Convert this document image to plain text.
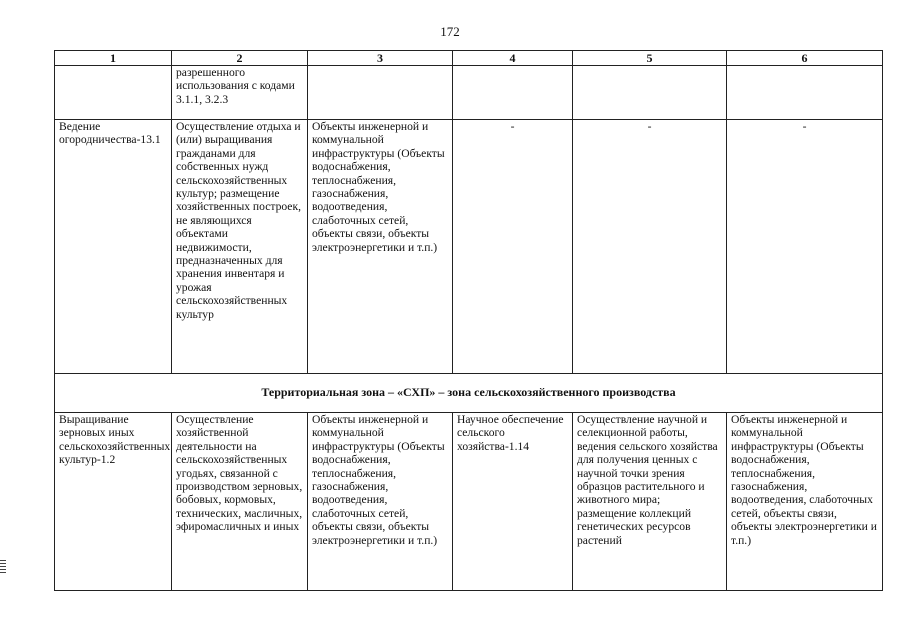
172
1	2	3	4	5	6
	разрешенного использования с кодами 3.1.1, 3.2.3				
Ведение огородничества-13.1	Осуществление отдыха и (или) выращивания гражданами для собственных нужд сельскохозяйственных культур; размещение хозяйственных построек, не являющихся объектами недвижимости, предназначенных для хранения инвентаря и урожая сельскохозяйственных культур	Объекты инженерной и коммунальной инфраструктуры (Объекты водоснабжения, теплоснабжения, газоснабжения, водоотведения, слаботочных сетей, объекты связи, объекты электроэнергетики и т.п.)	-	-	-
Территориальная зона – «СХП» – зона сельскохозяйственного производства					
Выращивание зерновых иных сельскохозяйственных культур-1.2	Осуществление хозяйственной деятельности на сельскохозяйственных угодьях, связанной с производством зерновых, бобовых, кормовых, технических, масличных, эфиромасличных и иных	Объекты инженерной и коммунальной инфраструктуры (Объекты водоснабжения, теплоснабжения, газоснабжения, водоотведения, слаботочных сетей, объекты связи, объекты электроэнергетики и т.п.)	Научное обеспечение сельского хозяйства-1.14	Осуществление научной и селекционной работы, ведения сельского хозяйства для получения ценных с научной точки зрения образцов растительного и животного мира; размещение коллекций генетических ресурсов растений	Объекты инженерной и коммунальной инфраструктуры (Объекты водоснабжения, теплоснабжения, газоснабжения, водоотведения, слаботочных сетей, объекты связи, объекты электроэнергетики и т.п.)
